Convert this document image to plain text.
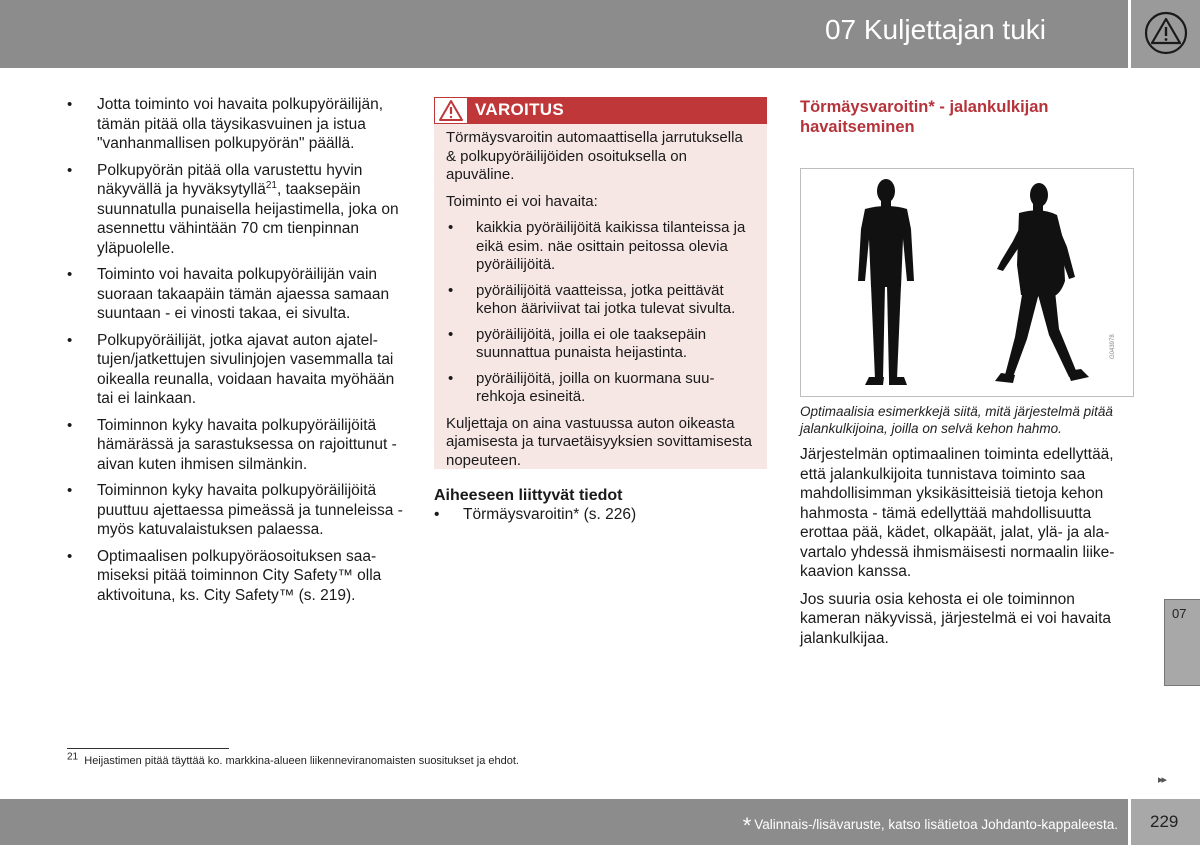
07 Kuljettajan tuki
• Jotta toiminto voi havaita polkupyöräilijän, tämän pitää olla täysikasvuinen ja istua "vanhanmallisen polkupyörän" päällä.
• Polkupyörän pitää olla varustettu hyvin näkyvällä ja hyväksytyllä$^{21}$, taaksepäin suunnatulla punaisella heijastimella, joka on asennettu vähintään 70 cm tienpinnan yläpuolelle.
• Toiminto voi havaita polkupyöräilijän vain suoraan takaapäin tämän ajaessa samaan suuntaan - ei vinosti takaa, ei sivulta.
• Polkupyöräilijät, jotka ajavat auton ajateltujen/jatkettujen sivulinjojen vasemmalla tai oikealla reunalla, voidaan havaita myöhään tai ei lainkaan.
• Toiminnon kyky havaita polkupyöräilijöitä hämärässä ja sarastuksessa on rajoittunut - aivan kuten ihmisen silmänkin.
• Toiminnon kyky havaita polkupyöräilijöitä puuttuu ajettaessa pimeässä ja tunneleissa - myös katuvalaistuksen palaessa.
• Optimaalisen polkupyöräosoituksen saamiseksi pitää toiminnon City Safety™ olla aktivoituna, ks. City Safety™ (s. 219).
VAROITUS

Törmäysvaroitin automaattisella jarrutuksella & polkupyöräilijöiden osoituksella on apuväline.

Toiminto ei voi havaita:

• kaikkia pyöräilijöitä kaikissa tilanteissa ja eikä esim. näe osittain peitossa olevia pyöräilijöitä.
• pyöräilijöitä vaatteissa, jotka peittävät kehon ääriviivat tai jotka tulevat sivulta.
• pyöräilijöitä, joilla ei ole taaksepäin suunnattua punaista heijastinta.
• pyöräilijöitä, joilla on kuormana suurehkoja esineitä.

Kuljettaja on aina vastuussa auton oikeasta ajamisesta ja turvaetäisyyksien sovittamisesta nopeuteen.

Aiheeseen liittyvät tiedot
• Törmäysvaroitin* (s. 226)
Törmäysvaroitin* - jalankulkijan havaitseminen
G043978
Optimaalisia esimerkkejä siitä, mitä järjestelmä pitää jalankulkijoina, joilla on selvä kehon hahmo.

Järjestelmän optimaalinen toiminta edellyttää, että jalankulkijoita tunnistava toiminto saa mahdollisimman yksikäsitteisiä tietoja kehon hahmosta - tämä edellyttää mahdollisuutta erottaa pää, kädet, olkapäät, jalat, ylä- ja alavartalo yhdessä ihmismäisesti normaalin liikekaavion kanssa.

Jos suuria osia kehosta ei ole toiminnon kameran näkyvissä, järjestelmä ei voi havaita jalankulkijaa.

07
$^{21}$ Heijastimen pitää täyttää ko. markkina-alueen liikenneviranomaisten suositukset ja ehdot.
▸▸
* Valinnais-/lisävaruste, katso lisätietoa Johdanto-kappaleesta. 229
